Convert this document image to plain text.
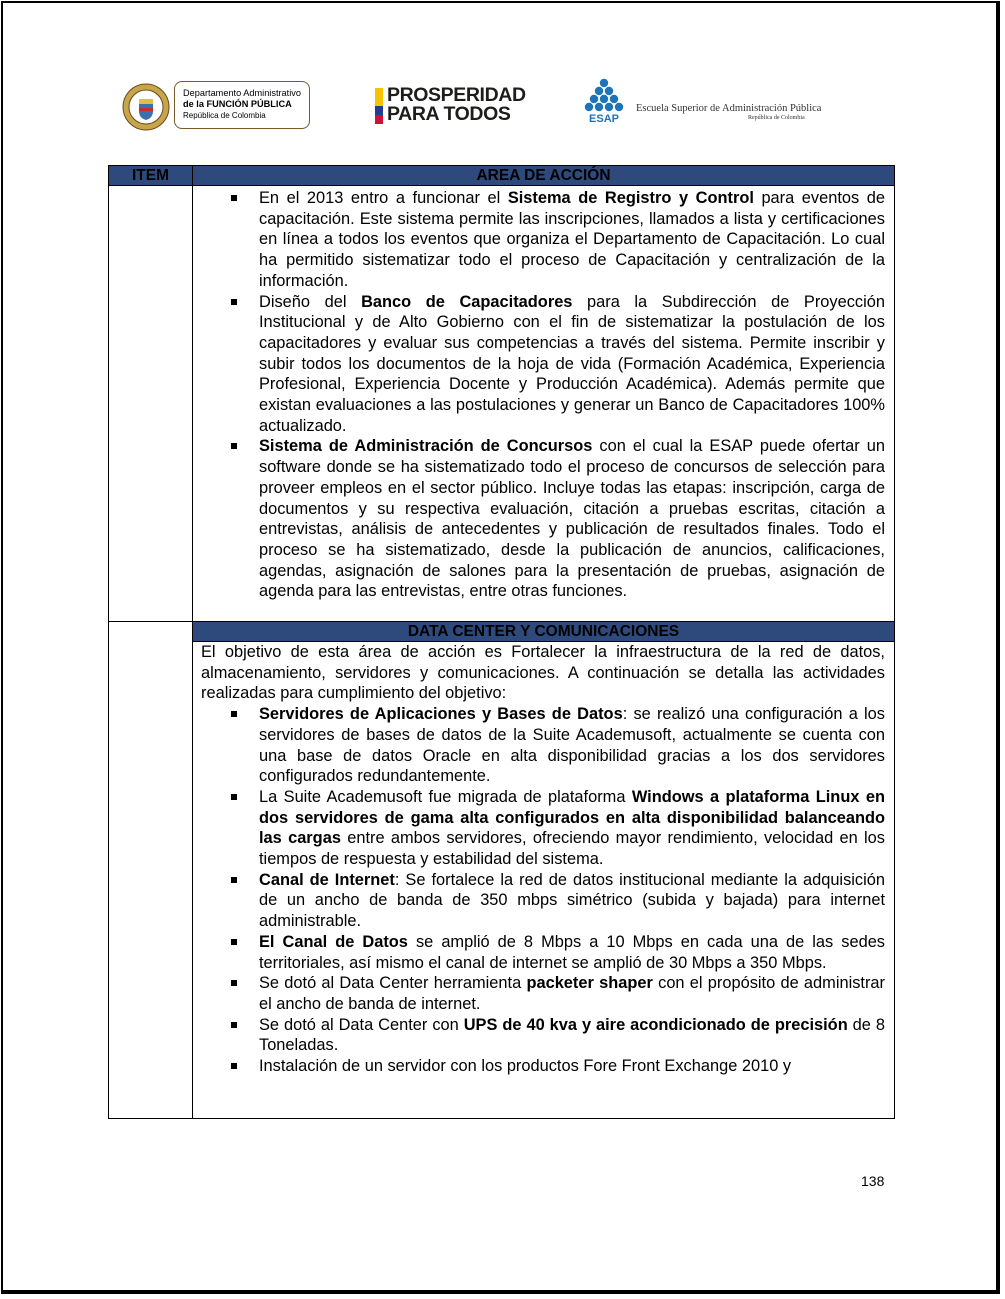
Departamento Administrativo
de la FUNCIÓN PÚBLICA
República de Colombia
PROSPERIDAD
PARA TODOS	ESAP
Escuela Superior de Administración Pública
República de Colombia
ITEM	AREA DE ACCIÓN
En el 2013 entro a funcionar el Sistema de Registro y Control para eventos de capacitación. Este sistema permite las inscripciones, llamados a lista y certificaciones en línea a todos los eventos que organiza el Departamento de Capacitación. Lo cual ha permitido sistematizar todo el proceso de Capacitación y centralización de la información.
Diseño del Banco de Capacitadores para la Subdirección de Proyección Institucional y de Alto Gobierno con el fin de sistematizar la postulación de los capacitadores y evaluar sus competencias a través del sistema. Permite inscribir y subir todos los documentos de la hoja de vida (Formación Académica, Experiencia Profesional, Experiencia Docente y Producción Académica). Además permite que existan evaluaciones a las postulaciones y generar un Banco de Capacitadores 100% actualizado.
Sistema de Administración de Concursos con el cual la ESAP puede ofertar un software donde se ha sistematizado todo el proceso de concursos de selección para proveer empleos en el sector público. Incluye todas las etapas: inscripción, carga de documentos y su respectiva evaluación, citación a pruebas escritas, citación a entrevistas, análisis de antecedentes y publicación de resultados finales. Todo el proceso se ha sistematizado, desde la publicación de anuncios, calificaciones, agendas, asignación de salones para la presentación de pruebas, asignación de agenda para las entrevistas, entre otras funciones.
DATA CENTER Y COMUNICACIONES
El objetivo de esta área de acción es Fortalecer la infraestructura de la red de datos, almacenamiento, servidores y comunicaciones. A continuación se detalla las actividades realizadas para cumplimiento del objetivo:
Servidores de Aplicaciones y Bases de Datos: se realizó una configuración a los servidores de bases de datos de la Suite Academusoft, actualmente se cuenta con una base de datos Oracle en alta disponibilidad gracias a los dos servidores configurados redundantemente.
La Suite Academusoft fue migrada de plataforma Windows a plataforma Linux en dos servidores de gama alta configurados en alta disponibilidad balanceando las cargas entre ambos servidores, ofreciendo mayor rendimiento, velocidad en los tiempos de respuesta y estabilidad del sistema.
Canal de Internet: Se fortalece la red de datos institucional mediante la adquisición de un ancho de banda de 350 mbps simétrico (subida y bajada) para internet administrable.
El Canal de Datos se amplió de 8 Mbps a 10 Mbps en cada una de las sedes territoriales, así mismo el canal de internet se amplió de 30 Mbps a 350 Mbps.
Se dotó al Data Center herramienta packeter shaper con el propósito de administrar el ancho de banda de internet.
Se dotó al Data Center con UPS de 40 kva y aire acondicionado de precisión de 8 Toneladas.
Instalación de un servidor con los productos Fore Front Exchange 2010 y
138
